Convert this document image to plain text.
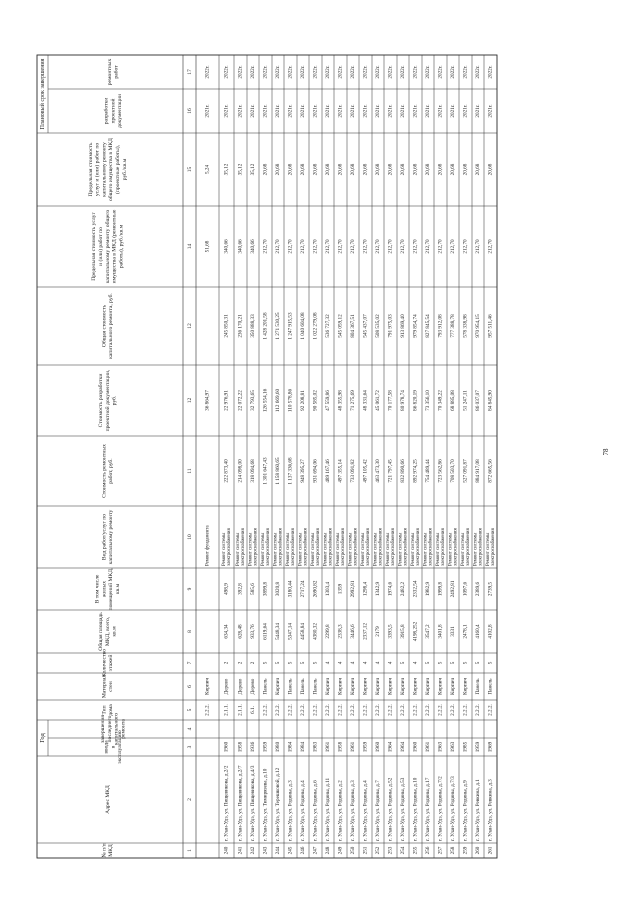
Год
Плановый срок завершения
№ п/п МКД
Адрес МКД
ввода в эксплуатацию
завершения последнего капитального ремонта
Тип дома
Материал стен
Количество этажей
Общая площадь МКД, всего, кв.м
В том числе жилых помещений МКД, кв.м
Вид работ/услуг по капитальному ремонту
Стоимость ремонтных работ, руб.
Стоимость разработки проектной документации, руб.
Общая стоимость капитального ремонта, руб.
Предельная стоимость услуг и (или) работ по капитальному ремонту общего имущества в МКД (ремонтные работы), руб./кв.м
Предельная стоимость услуг и (или) работ по капитальному ремонту общего имущества в МКД (проектные работы), руб./кв.м
разработки проектной документации
ремонтных работ
1
2
3
4
5
6
7
8
9
10
11
12
12
14
15
16
17
2.2.2.
Кирпич
Ремонт фундамента
36 864,97
51,68
5,24
2021г.
2022г.
240
г. Улан-Удэ, ул. Пищевикова, д.2/2
1960
2.1.1.
Дерево
2
634,34
498,9
Ремонт системы электроснабжения
222 873,40
22 976,91
245 850,31
340,66
35,12
2021г.
2022г.
241
г. Улан-Удэ, ул. Пищевикова, д.2/7
1958
2.1.1.
Дерево
2
628,48
392,8
Ремонт системы электроснабжения
214 098,00
22 072,22
236 170,21
340,66
35,12
2021г.
2022г.
242
г. Улан-Удэ, ул. Пищевикова, д.4/3
1936
6.1.
Дерево
2
933,76
585,6
Ремонт системы электроснабжения
318 094,68
32 793,65
350 888,33
340,66
35,12
2021г.
2022г.
243
г. Улан-Удэ, ул. Тимирязева, д.10
1959
2.2.2.
Панель
5
6119,64
3899,8
Ремонт системы электроснабжения
1 301 647,43
126 554,16
1 428 201,58
212,70
20,68
2021г.
2022г.
244
г. Улан-Удэ, ул. Терешковой, д.12
1980
2.2.2.
Кирпич
5
5448,34
3020,8
Ремонт системы электроснабжения
1 158 860,65
112 669,60
1 271 530,25
212,70
20,68
2021г.
2022г.
245
г. Улан-Удэ, ул. Родины, д.3
1984
2.2.2.
Панель
5
5347,14
3180,44
Ремонт системы электроснабжения
1 137 336,68
110 578,86
1 247 915,53
212,70
20,68
2021г.
2022г.
246
г. Улан-Удэ, ул. Родины, д.4
1984
2.2.2.
Панель
5
4458,84
2717,24
Ремонт системы электроснабжения
948 395,27
92 208,81
1 040 604,08
212,70
20,68
2021г.
2022г.
247
г. Улан-Удэ, ул. Родины, д.6
1983
2.2.2.
Панель
5
4380,32
2690,82
Ремонт системы электроснабжения
931 694,06
90 585,02
1 022 279,08
212,70
20,68
2021г.
2022г.
248
г. Улан-Удэ, ул. Родины, д.11
1961
2.2.2.
Кирпич
4
2299,8
1303,4
Ремонт системы электроснабжения
489 167,46
47 559,86
536 727,32
212,70
20,68
2021г.
2022г.
249
г. Улан-Удэ, ул. Родины, д.2
1958
2.2.2.
Кирпич
4
2338,3
1359
Ремонт системы электроснабжения
497 355,14
48 355,98
545 059,12
212,70
20,68
2021г.
2022г.
250
г. Улан-Удэ, ул. Родины, д.3
1961
2.2.2.
Кирпич
4
3446,6
2992,81
Ремонт системы электроснабжения
733 091,82
71 275,69
804 367,51
212,70
20,68
2021г.
2022г.
251
г. Улан-Удэ, ул. Родины, д.4
1959
2.2.2.
Кирпич
4
2337,12
1298,4
Ремонт системы электроснабжения
497 105,42
48 331,64
545 437,07
212,70
20,68
2021г.
2022г.
252
г. Улан-Удэ, ул. Родины, д.7
1960
2.2.2.
Кирпич
4
2179
1342,9
Ремонт системы электроснабжения
463 473,30
45 061,72
508 535,02
212,70
20,68
2021г.
2022г.
253
г. Улан-Удэ, ул. Родины, д.52
1964
2.2.2.
Кирпич
4
3393,5
1974,6
Ремонт системы электроснабжения
721 797,45
70 177,58
791 975,03
212,70
20,68
2021г.
2022г.
254
г. Улан-Удэ, ул. Родины, д.53
1964
2.2.2.
Кирпич
5
3915,8
2482,2
Ремонт системы электроснабжения
832 890,66
80 978,74
913 869,40
212,70
20,68
2021г.
2022г.
255
г. Улан-Удэ, ул. Родины, д.10
1960
2.2.2.
Кирпич
4
4198,252
2332,54
Ремонт системы электроснабжения
892 974,25
86 820,19
979 854,74
212,70
20,68
2021г.
2022г.
256
г. Улан-Удэ, ул. Родины, д.17
1961
2.2.2.
Кирпич
5
3547,2
1982,9
Ремонт системы электроснабжения
754 489,44
73 356,10
827 845,54
212,70
20,68
2021г.
2022г.
257
г. Улан-Удэ, ул. Родины, д.7/2
1963
2.2.2.
Кирпич
5
3401,8
1999,8
Ремонт системы электроснабжения
723 562,86
70 349,22
793 912,08
212,70
20,68
2021г.
2022г.
258
г. Улан-Удэ, ул. Родины, д.7/3
1963
2.2.2.
Кирпич
5
3331
2492,81
Ремонт системы электроснабжения
708 503,70
68 885,08
777 388,78
212,70
20,68
2021г.
2022г.
259
г. Улан-Удэ, ул. Родины, д.9
1985
2.2.2.
Кирпич
5
2478,1
1097,6
Ремонт системы электроснабжения
527 091,87
51 247,11
578 338,98
212,70
20,68
2021г.
2022г.
260
г. Улан-Удэ, ул. Ревкина, д.1
1959
2.2.2.
Панель
5
4160,4
2389,6
Ремонт системы электроснабжения
884 917,08
86 037,07
970 954,15
212,70
20,68
2021г.
2022г.
261
г. Улан-Удэ, ул. Ревкина, д.3
1969
2.2.2.
Панель
5
4102,8
2739,5
Ремонт системы электроснабжения
872 665,56
84 845,90
957 511,46
212,70
20,68
2021г.
2022г.
78
